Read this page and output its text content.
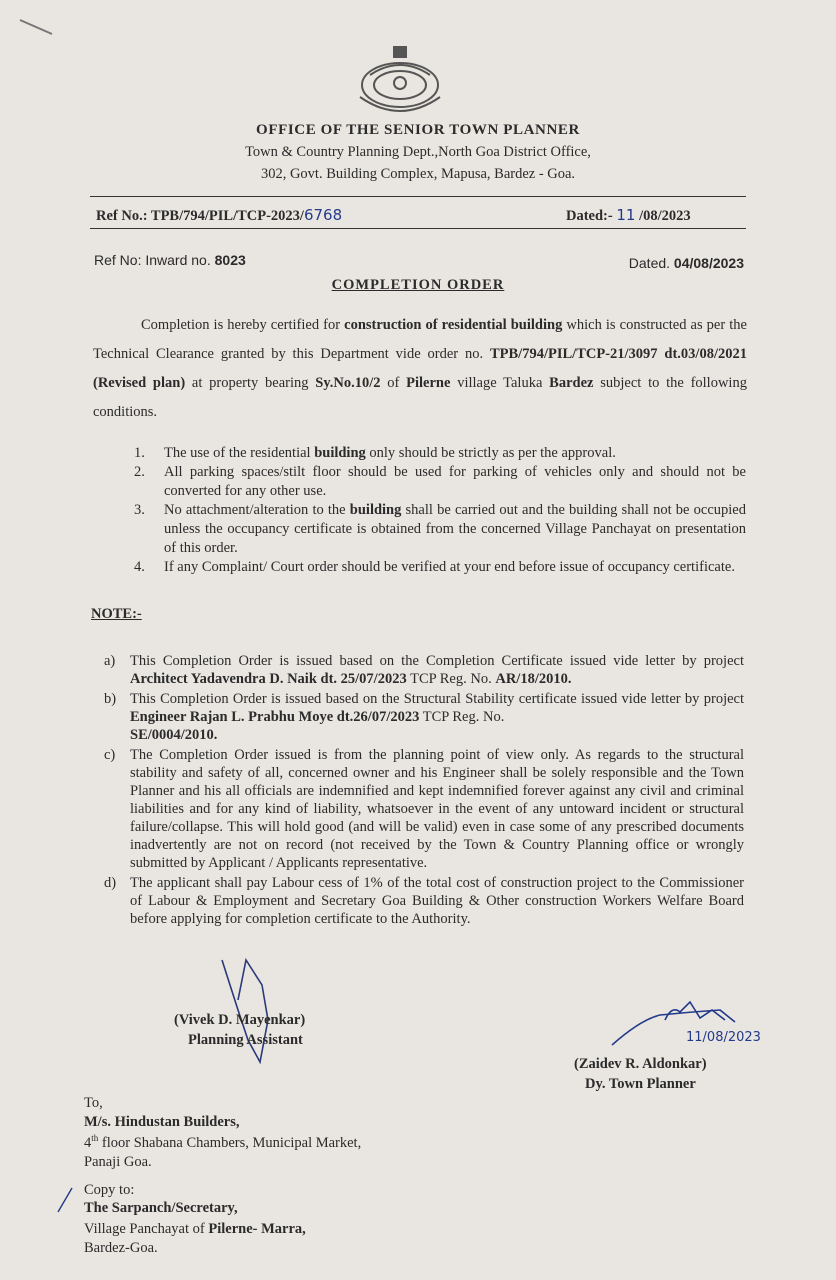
OFFICE OF THE SENIOR TOWN PLANNER
Town & Country Planning Dept.,North Goa District Office,
302, Govt. Building Complex, Mapusa, Bardez - Goa.
Ref No.: TPB/794/PIL/TCP-2023/6768	Dated:- 11 /08/2023
Ref No: Inward no. 8023	Dated. 04/08/2023
COMPLETION ORDER
Completion is hereby certified for construction of residential building which is constructed as per the Technical Clearance granted by this Department vide order no. TPB/794/PIL/TCP-21/3097 dt.03/08/2021 (Revised plan) at property bearing Sy.No.10/2 of Pilerne village Taluka Bardez subject to the following conditions.
1.	The use of the residential building only should be strictly as per the approval.
2.	All parking spaces/stilt floor should be used for parking of vehicles only and should not be converted for any other use.
3.	No attachment/alteration to the building shall be carried out and the building shall not be occupied unless the occupancy certificate is obtained from the concerned Village Panchayat on presentation of this order.
4.	If any Complaint/ Court order should be verified at your end before issue of occupancy certificate.
NOTE:-
a)	This Completion Order is issued based on the Completion Certificate issued vide letter by project Architect Yadavendra D. Naik dt. 25/07/2023 TCP Reg. No. AR/18/2010.
b) This Completion Order is issued based on the Structural Stability certificate issued vide letter by project Engineer Rajan L. Prabhu Moye dt.26/07/2023 TCP Reg. No.
SE/0004/2010.
c)	The Completion Order issued is from the planning point of view only. As regards to the structural stability and safety of all, concerned owner and his Engineer shall be solely responsible and the Town Planner and his all officials are indemnified and kept indemnified forever against any civil and criminal liabilities and for any kind of liability, whatsoever in the event of any untoward incident or structural failure/collapse. This will hold good (and will be valid) even in case some of any prescribed documents inadvertently are not on record (not received by the Town & Country Planning office or wrongly submitted by Applicant / Applicants representative.
d) The applicant shall pay Labour cess of 1% of the total cost of construction project to the Commissioner of Labour & Employment and Secretary Goa Building & Other construction Workers Welfare Board before applying for completion certificate to the Authority.
11/08/2023
(Vivek D. Mayenkar)
Planning Assistant
(Zaidev R. Aldonkar)
Dy. Town Planner
To,
M/s. Hindustan Builders,
4th floor Shabana Chambers, Municipal Market,
Panaji Goa.
Copy to:
The Sarpanch/Secretary,
Village Panchayat of Pilerne- Marra,
Bardez-Goa.
